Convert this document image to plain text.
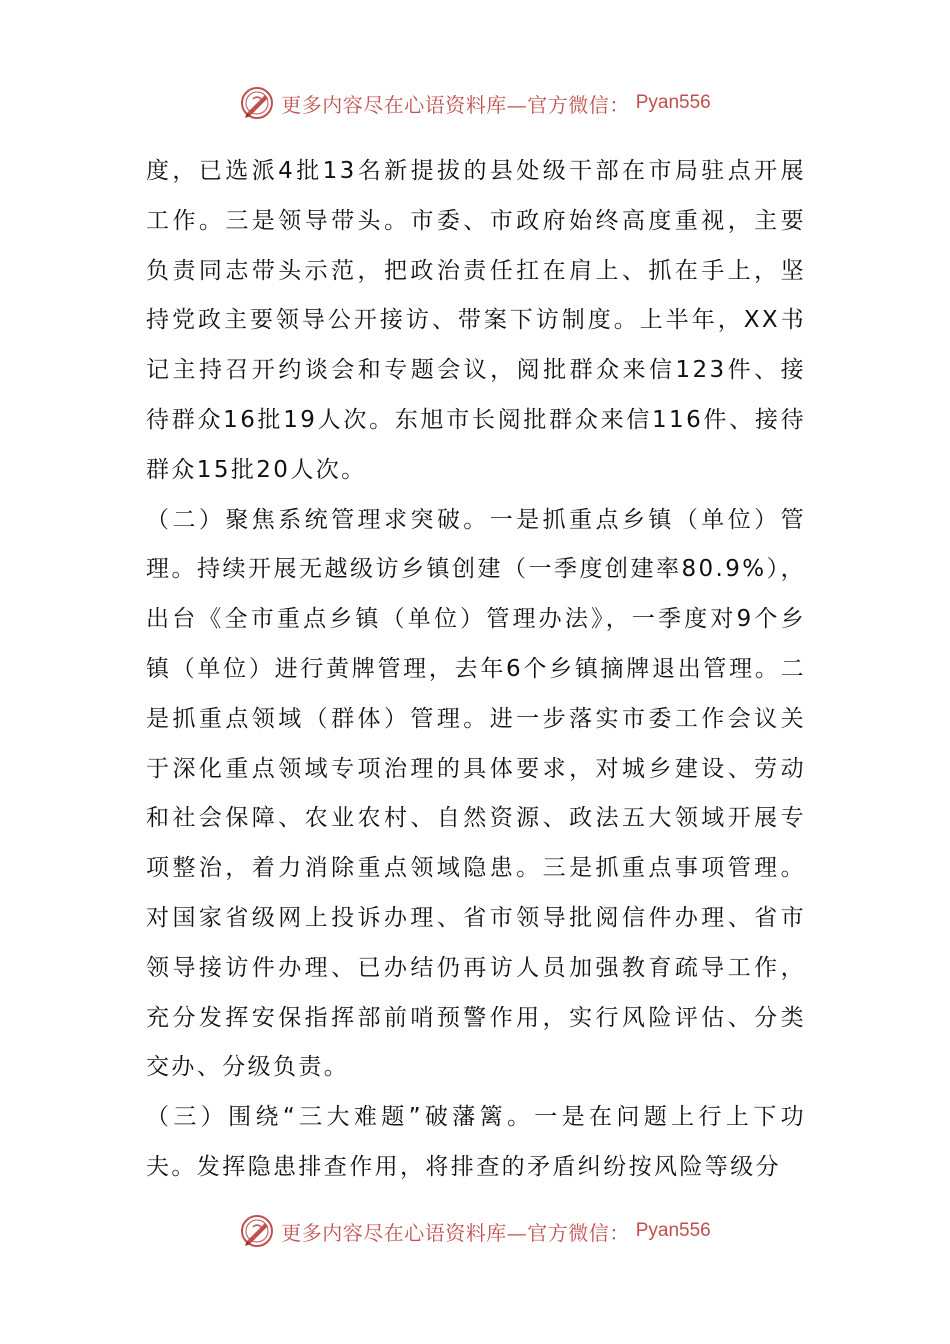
更多内容尽在心语资料库—官方微信： Pyan556

度，已选派4批13名新提拔的县处级干部在市局驻点开展工作。三是领导带头。市委、市政府始终高度重视，主要负责同志带头示范，把政治责任扛在肩上、抓在手上，坚持党政主要领导公开接访、带案下访制度。上半年，XX书记主持召开约谈会和专题会议，阅批群众来信123件、接待群众16批19人次。东旭市长阅批群众来信116件、接待群众15批20人次。

（二）聚焦系统管理求突破。一是抓重点乡镇（单位）管理。持续开展无越级访乡镇创建（一季度创建率80.9%），出台《全市重点乡镇（单位）管理办法》，一季度对9个乡镇（单位）进行黄牌管理，去年6个乡镇摘牌退出管理。二是抓重点领域（群体）管理。进一步落实市委工作会议关于深化重点领域专项治理的具体要求，对城乡建设、劳动和社会保障、农业农村、自然资源、政法五大领域开展专项整治，着力消除重点领域隐患。三是抓重点事项管理。对国家省级网上投诉办理、省市领导批阅信件办理、省市领导接访件办理、已办结仍再访人员加强教育疏导工作，充分发挥安保指挥部前哨预警作用，实行风险评估、分类交办、分级负责。

（三）围绕“三大难题”破藩篱。一是在问题上行上下功夫。发挥隐患排查作用，将排查的矛盾纠纷按风险等级分

更多内容尽在心语资料库—官方微信： Pyan556
